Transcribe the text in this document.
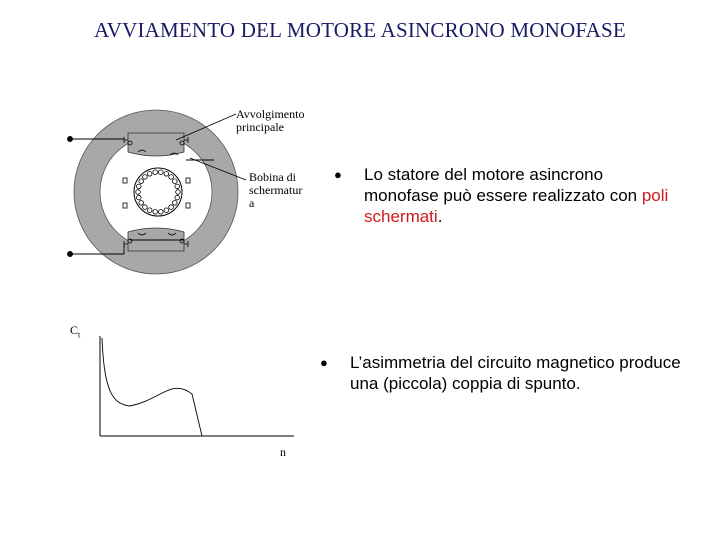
AVVIAMENTO DEL MOTORE ASINCRONO MONOFASE
Avvolgimento
principale
Bobina di
schermatur
a
$C_t$
n
● Lo statore del motore asincrono
monofase può essere realizzato con poli
schermati.
● L’asimmetria del circuito magnetico produce
una (piccola) coppia di spunto.
